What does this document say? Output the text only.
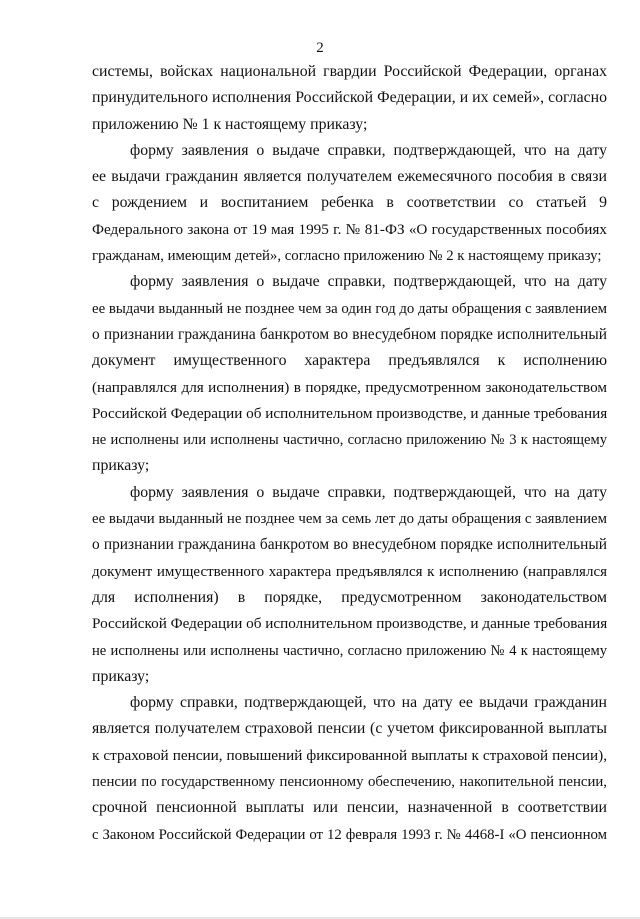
2
системы, войсках национальной гвардии Российской Федерации, органах
принудительного исполнения Российской Федерации, и их семей», согласно
приложению № 1 к настоящему приказу;
форму заявления о выдаче справки, подтверждающей, что на дату
ее выдачи гражданин является получателем ежемесячного пособия в связи
с рождением и воспитанием ребенка в соответствии со статьей 9
Федерального закона от 19 мая 1995 г. № 81-ФЗ «О государственных пособиях
гражданам, имеющим детей», согласно приложению № 2 к настоящему приказу;
форму заявления о выдаче справки, подтверждающей, что на дату
ее выдачи выданный не позднее чем за один год до даты обращения с заявлением
о признании гражданина банкротом во внесудебном порядке исполнительный
документ имущественного характера предъявлялся к исполнению
(направлялся для исполнения) в порядке, предусмотренном законодательством
Российской Федерации об исполнительном производстве, и данные требования
не исполнены или исполнены частично, согласно приложению № 3 к настоящему
приказу;
форму заявления о выдаче справки, подтверждающей, что на дату
ее выдачи выданный не позднее чем за семь лет до даты обращения с заявлением
о признании гражданина банкротом во внесудебном порядке исполнительный
документ имущественного характера предъявлялся к исполнению (направлялся
для исполнения) в порядке, предусмотренном законодательством
Российской Федерации об исполнительном производстве, и данные требования
не исполнены или исполнены частично, согласно приложению № 4 к настоящему
приказу;
форму справки, подтверждающей, что на дату ее выдачи гражданин
является получателем страховой пенсии (с учетом фиксированной выплаты
к страховой пенсии, повышений фиксированной выплаты к страховой пенсии),
пенсии по государственному пенсионному обеспечению, накопительной пенсии,
срочной пенсионной выплаты или пенсии, назначенной в соответствии
с Законом Российской Федерации от 12 февраля 1993 г. № 4468-I «О пенсионном
